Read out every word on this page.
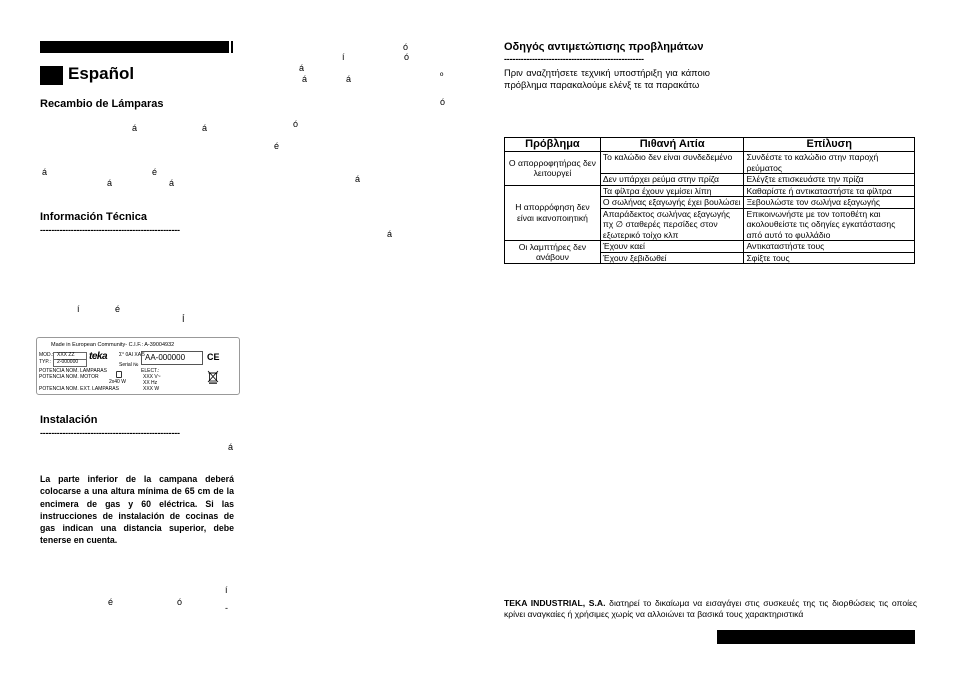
Español
Recambio de Lámparas
á	á
á	é
á	á
Información Técnica
--------------------------------------------------
í	é
Í
Made in European Community- C.I.F.: A-39004932
MOD.: XXX ΖΖ
TYP.: 2-000000
Σ° 0ΑΙ ΧΑ'5
Serial №
teka	AA-000000 CE
POTENCIA NOM. LAMPARAS
POTENCIA NOM. MOTOR
POTENCIA NOM. EXT. LAMPARAS
2x40 W
ELECT.:
XXX V~
XX Hz
XXX W
Instalación
--------------------------------------------------
á
La parte inferior de la campana deberá colocarse a una altura mínima de 65 cm de la encimera de gas y 60 eléctrica. Si las instrucciones de instalación de cocinas de gas indican una distancia superior, debe tenerse en cuenta.
í
é	ó
-
ó
í	ó
á
á	á	º
ó
ó
é
á
á
Οδηγός αντιμετώπισης προβλημάτων
--------------------------------------------------
Πριν αναζητήσετε τεχνική υποστήριξη για κάποιο πρόβλημα παρακαλούμε ελένξ τε τα παρακάτω
Πρόβλημα	Πιθανή Αιτία	Επίλυση
Ο απορροφητήρας δεν λειτουργεί	Το καλώδιο δεν είναι συνδεδεμένο	Συνδέστε το καλώδιο στην παροχή ρεύματος
	Δεν υπάρχει ρεύμα στην πρίζα	Ελέγξτε επισκευάστε την πρίζα
Η απορρόφηση δεν είναι ικανοποιητική	Τα φίλτρα έχουν γεμίσει λίπη	Καθαρίστε ή αντικαταστήστε τα φίλτρα
	Ο σωλήνας εξαγωγής έχει βουλώσει	Ξεβουλώστε τον σωλήνα εξαγωγής
	Απαράδεκτος σωλήνας εξαγωγής πχ ∅ σταθερές περσίδες στον εξωτερικό τοίχο κλπ	Επικοινωνήστε με τον τοποθέτη και ακολουθείστε τις οδηγίες εγκατάστασης από αυτό το φυλλάδιο
Οι λαμπτήρες δεν ανάβουν	Έχουν καεί	Αντικαταστήστε τους
	Έχουν ξεβιδωθεί	Σφίξτε τους
TEKA INDUSTRIAL, S.A. διατηρεί το δικαίωμα να εισαγάγει στις συσκευές της τις διορθώσεις τις οποίες κρίνει αναγκαίες ή χρήσιμες χωρίς να αλλοιώνει τα βασικά τους χαρακτηριστικά
